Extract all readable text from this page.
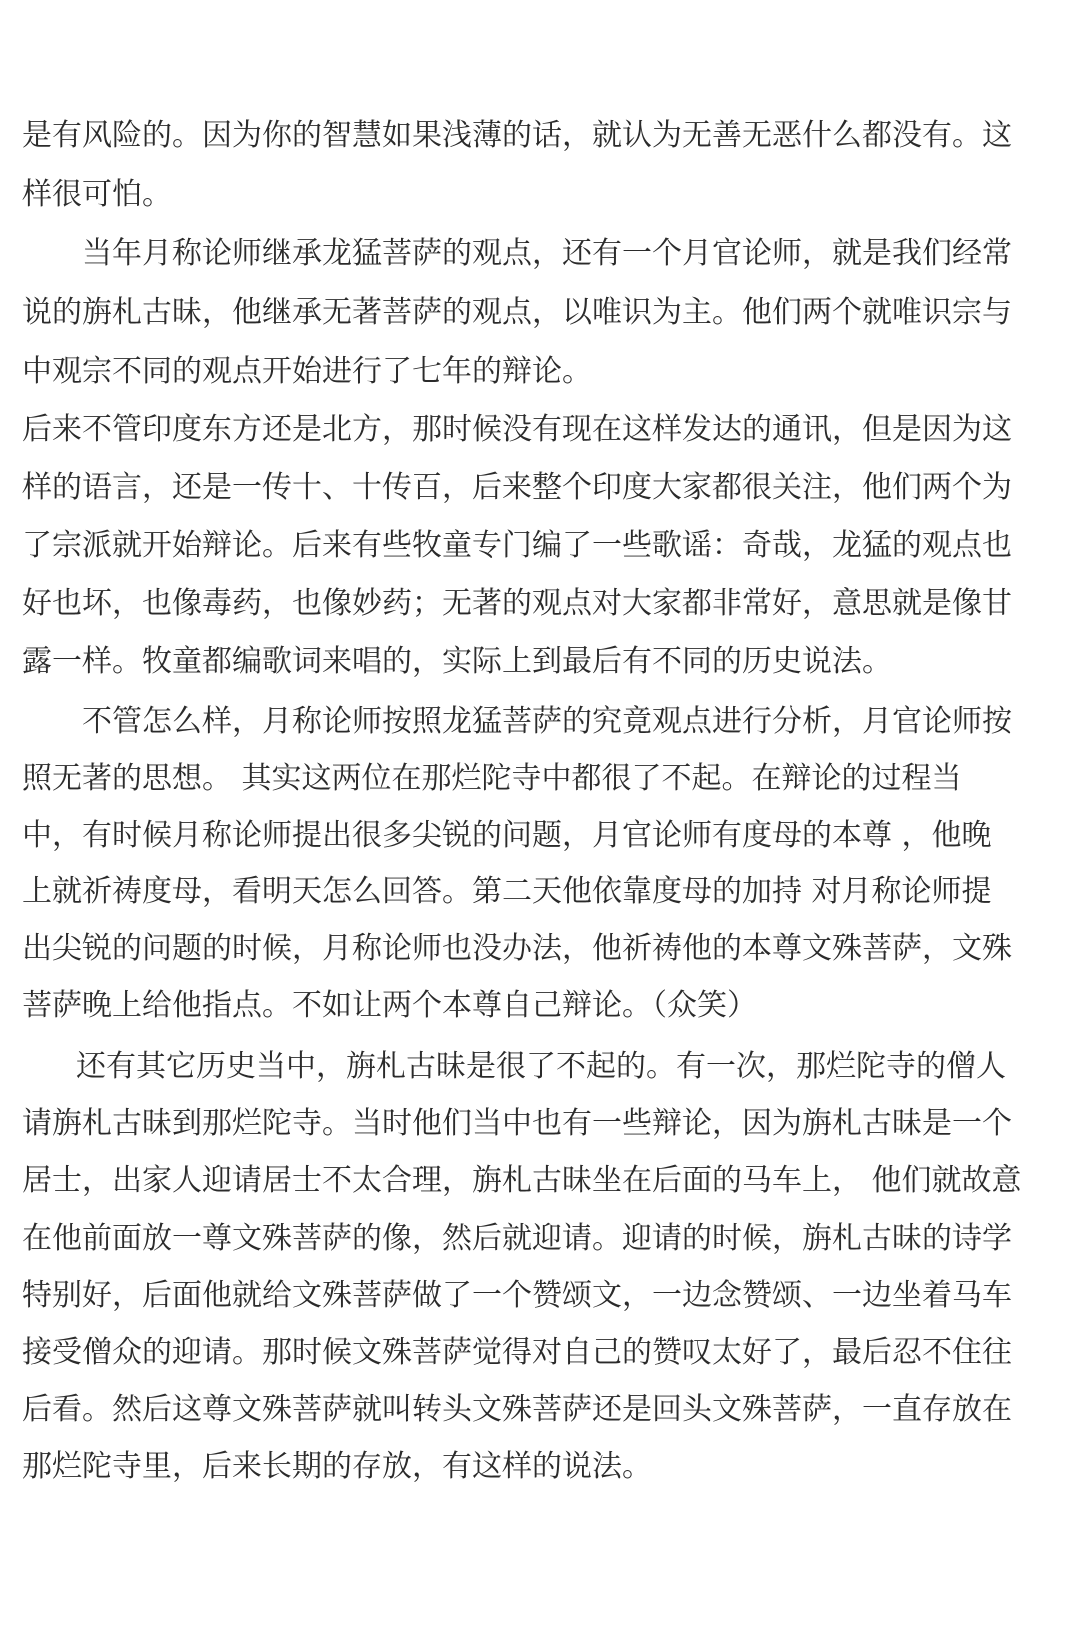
是有风险的。因为你的智慧如果浅薄的话，就认为无善无恶什么都没有。这
样很可怕。
当年月称论师继承龙猛菩萨的观点，还有一个月官论师，就是我们经常
说的旃札古昧，他继承无著菩萨的观点，以唯识为主。他们两个就唯识宗与
中观宗不同的观点开始进行了七年的辩论。
后来不管印度东方还是北方，那时候没有现在这样发达的通讯，但是因为这
样的语言，还是一传十、十传百，后来整个印度大家都很关注，他们两个为
了宗派就开始辩论。后来有些牧童专门编了一些歌谣：奇哉，龙猛的观点也
好也坏，也像毒药，也像妙药；无著的观点对大家都非常好，意思就是像甘
露一样。牧童都编歌词来唱的，实际上到最后有不同的历史说法。
不管怎么样，月称论师按照龙猛菩萨的究竟观点进行分析，月官论师按
照无著的思想。 其实这两位在那烂陀寺中都很了不起。在辩论的过程当
中，有时候月称论师提出很多尖锐的问题，月官论师有度母的本尊 ，他晚
上就祈祷度母，看明天怎么回答。第二天他依靠度母的加持 对月称论师提
出尖锐的问题的时候，月称论师也没办法，他祈祷他的本尊文殊菩萨，文殊
菩萨晚上给他指点。不如让两个本尊自己辩论。（众笑）
还有其它历史当中，旃札古昧是很了不起的。有一次，那烂陀寺的僧人
请旃札古昧到那烂陀寺。当时他们当中也有一些辩论，因为旃札古昧是一个
居士，出家人迎请居士不太合理，旃札古昧坐在后面的马车上， 他们就故意
在他前面放一尊文殊菩萨的像，然后就迎请。迎请的时候，旃札古昧的诗学
特别好，后面他就给文殊菩萨做了一个赞颂文，一边念赞颂、一边坐着马车
接受僧众的迎请。那时候文殊菩萨觉得对自己的赞叹太好了，最后忍不住往
后看。然后这尊文殊菩萨就叫转头文殊菩萨还是回头文殊菩萨，一直存放在
那烂陀寺里，后来长期的存放，有这样的说法。
